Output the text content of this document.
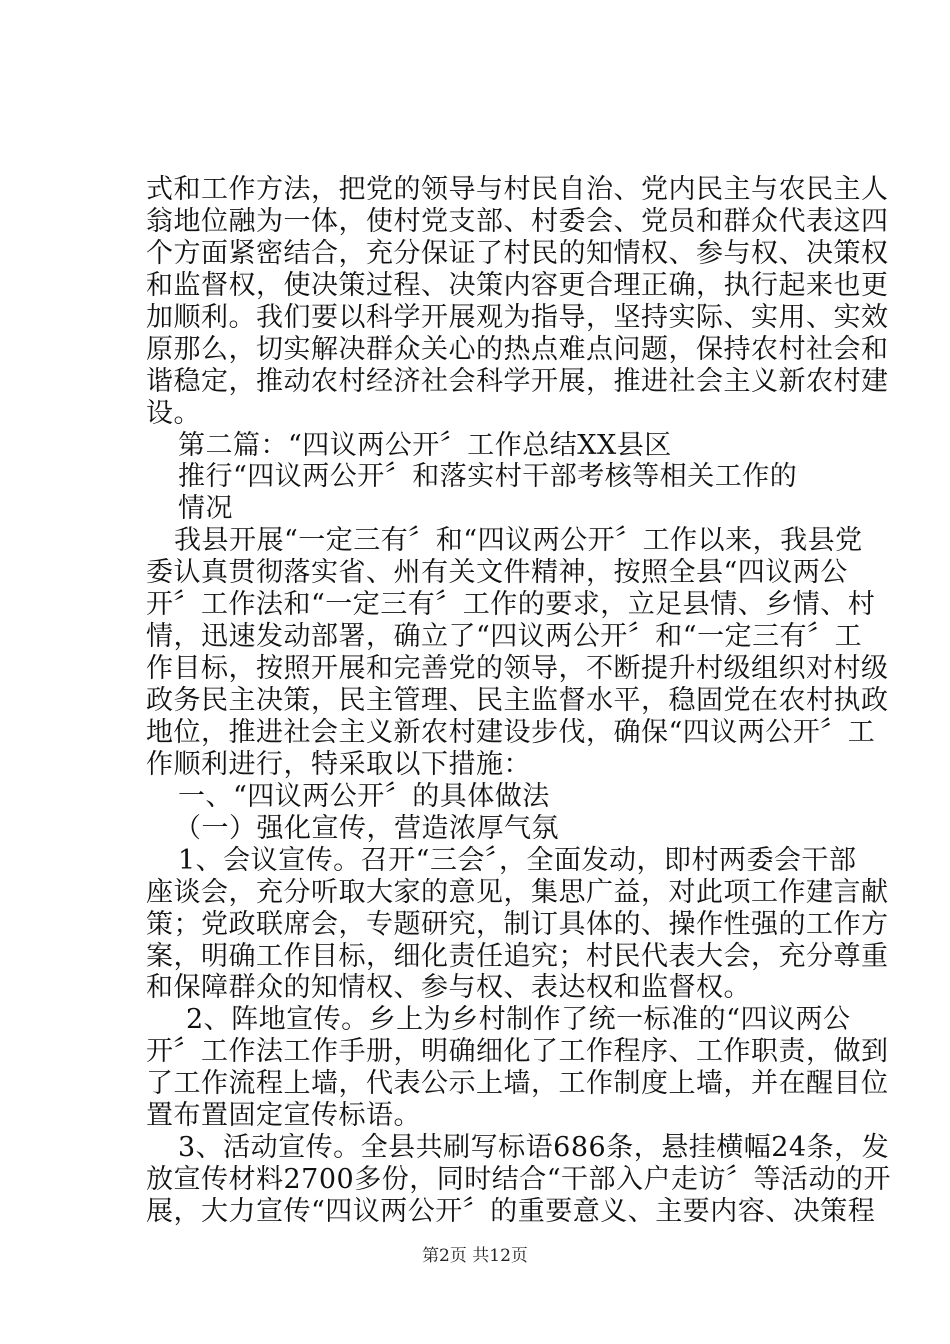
式和工作方法，把党的领导与村民自治、党内民主与农民主人
翁地位融为一体，使村党支部、村委会、党员和群众代表这四
个方面紧密结合，充分保证了村民的知情权、参与权、决策权
和监督权，使决策过程、决策内容更合理正确，执行起来也更
加顺利。我们要以科学开展观为指导，坚持实际、实用、实效
原那么，切实解决群众关心的热点难点问题，保持农村社会和
谐稳定，推动农村经济社会科学开展，推进社会主义新农村建
设。
第二篇：“四议两公开〞工作总结XX县区
推行“四议两公开〞和落实村干部考核等相关工作的
情况
我县开展“一定三有〞和“四议两公开〞工作以来，我县党
委认真贯彻落实省、州有关文件精神，按照全县“四议两公
开〞工作法和“一定三有〞工作的要求，立足县情、乡情、村
情，迅速发动部署，确立了“四议两公开〞和“一定三有〞工
作目标，按照开展和完善党的领导，不断提升村级组织对村级
政务民主决策，民主管理、民主监督水平，稳固党在农村执政
地位，推进社会主义新农村建设步伐，确保“四议两公开〞工
作顺利进行，特采取以下措施：
一、“四议两公开〞的具体做法
（一）强化宣传，营造浓厚气氛
1、会议宣传。召开“三会〞，全面发动，即村两委会干部
座谈会，充分听取大家的意见，集思广益，对此项工作建言献
策；党政联席会，专题研究，制订具体的、操作性强的工作方
案，明确工作目标，细化责任追究；村民代表大会，充分尊重
和保障群众的知情权、参与权、表达权和监督权。
2、阵地宣传。乡上为乡村制作了统一标准的“四议两公
开〞工作法工作手册，明确细化了工作程序、工作职责，做到
了工作流程上墙，代表公示上墙，工作制度上墙，并在醒目位
置布置固定宣传标语。
3、活动宣传。全县共刷写标语686条，悬挂横幅24条，发
放宣传材料2700多份，同时结合“干部入户走访〞等活动的开
展，大力宣传“四议两公开〞的重要意义、主要内容、决策程
第2页 共12页
